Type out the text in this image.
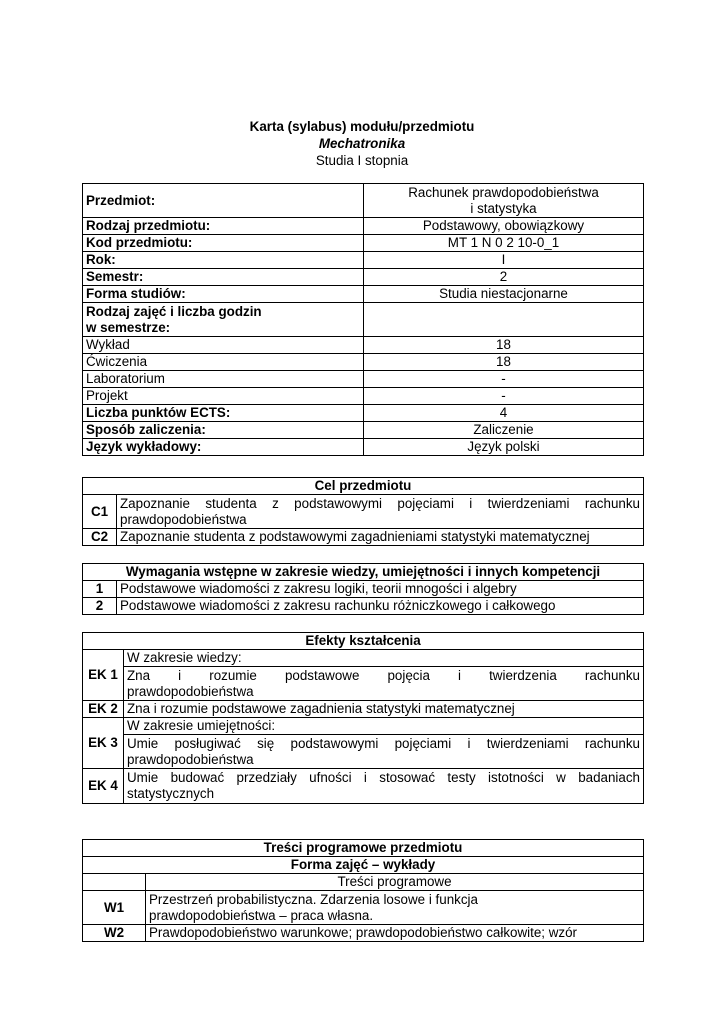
Karta (sylabus) modułu/przedmiotu
Mechatronika
Studia I stopnia
Przedmiot:	Rachunek prawdopodobieństwa
i statystyka

Rodzaj przedmiotu:	Podstawowy, obowiązkowy
Kod przedmiotu:	MT 1 N 0 2 10-0_1
Rok:	I
Semestr:	2
Forma studiów:	Studia niestacjonarne

Rodzaj zajęć i liczba godzin
w semestrze:	

Wykład	18
Ćwiczenia	18
Laboratorium	-
Projekt	-
Liczba punktów ECTS:	4
Sposób zaliczenia:	Zaliczenie
Język wykładowy:	Język polski
Cel przedmiotu	
C1	Zapoznanie studenta z podstawowymi pojęciami i twierdzeniami rachunku
prawdopodobieństwa

C2	Zapoznanie studenta z podstawowymi zagadnieniami statystyki matematycznej
Wymagania wstępne w zakresie wiedzy, umiejętności i innych kompetencji	
1	Podstawowe wiadomości z zakresu logiki, teorii mnogości i algebry
2	Podstawowe wiadomości z zakresu rachunku różniczkowego i całkowego
Efekty kształcenia	
EK 1	W zakresie wiedzy:

	Zna i rozumie podstawowe pojęcia i twierdzenia rachunku
prawdopodobieństwa

EK 2	Zna i rozumie podstawowe zagadnienia statystyki matematycznej
EK 3	W zakresie umiejętności:

	Umie posługiwać się podstawowymi pojęciami i twierdzeniami rachunku
prawdopodobieństwa

EK 4	Umie budować przedziały ufności i stosować testy istotności w badaniach
statystycznych
Treści programowe przedmiotu	
Forma zajęć – wykłady	
	Treści programowe
W1	Przestrzeń probabilistyczna. Zdarzenia losowe i funkcja
prawdopodobieństwa – praca własna.

W2	Prawdopodobieństwo warunkowe; prawdopodobieństwo całkowite; wzór
